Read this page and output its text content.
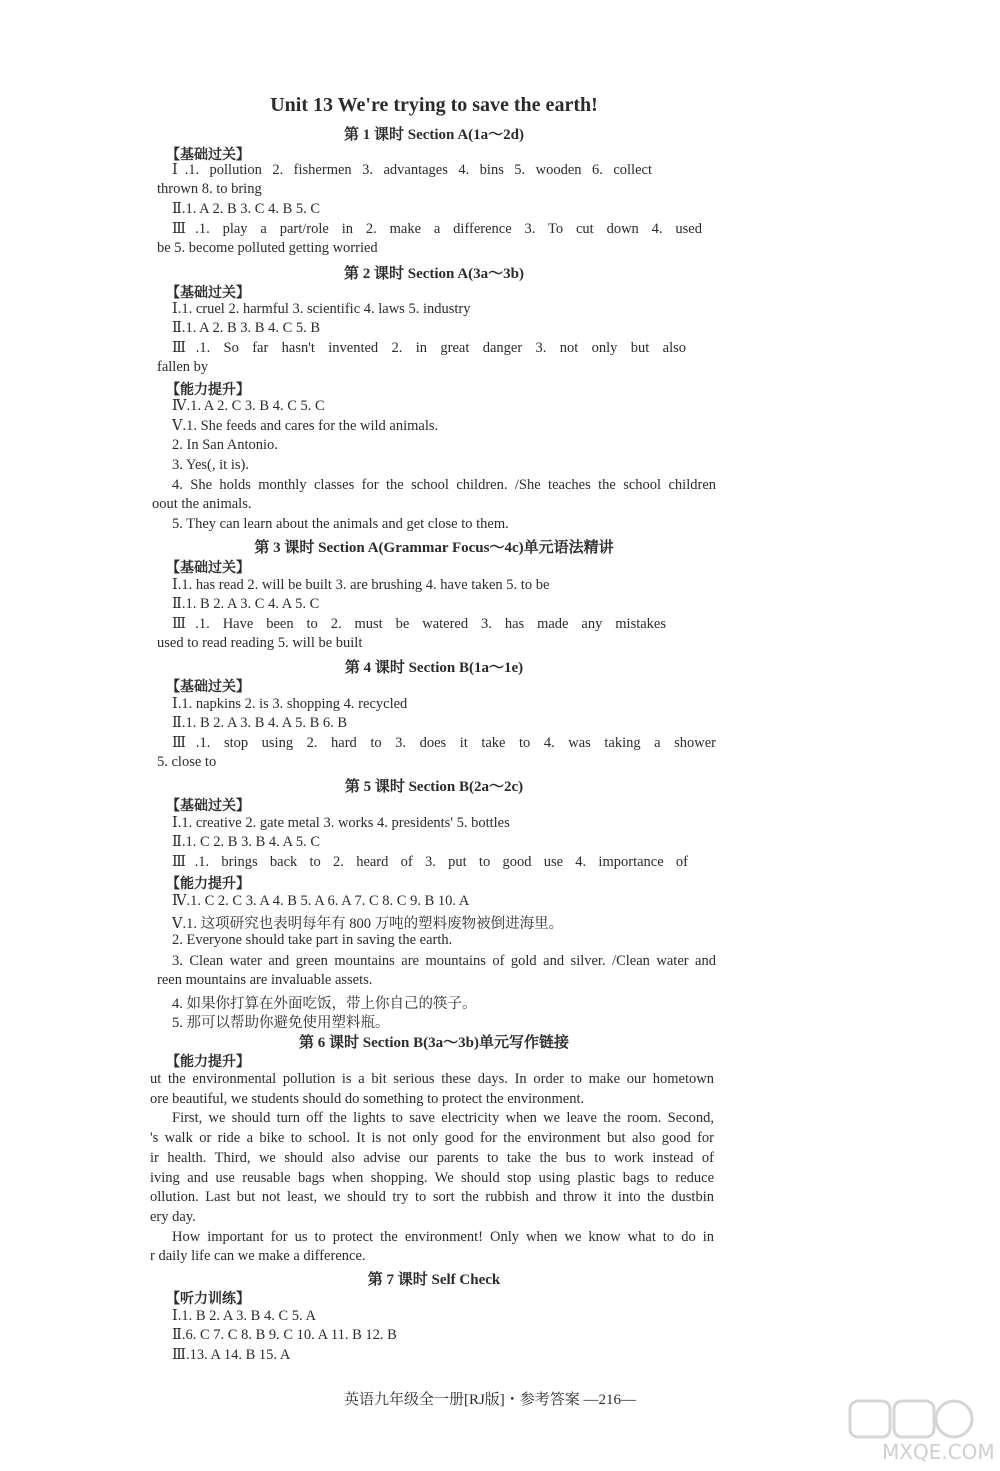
Unit 13 We're trying to save the earth!
第 1 课时 Section A(1a～2d)
【基础过关】
Ⅰ.1. pollution 2. fishermen 3. advantages 4. bins 5. wooden 6. collect
thrown 8. to bring
Ⅱ.1. A 2. B 3. C 4. B 5. C
Ⅲ.1. play a part/role in 2. make a difference 3. To cut down 4. used
be 5. become polluted getting worried
第 2 课时 Section A(3a～3b)
【基础过关】
Ⅰ.1. cruel 2. harmful 3. scientific 4. laws 5. industry
Ⅱ.1. A 2. B 3. B 4. C 5. B
Ⅲ.1. So far hasn't invented 2. in great danger 3. not only but also
fallen by
【能力提升】
Ⅳ.1. A 2. C 3. B 4. C 5. C
Ⅴ.1. She feeds and cares for the wild animals.
2. In San Antonio.
3. Yes(, it is).
4. She holds monthly classes for the school children. /She teaches the school children
oout the animals.
5. They can learn about the animals and get close to them.
第 3 课时 Section A(Grammar Focus～4c)单元语法精讲
【基础过关】
Ⅰ.1. has read 2. will be built 3. are brushing 4. have taken 5. to be
Ⅱ.1. B 2. A 3. C 4. A 5. C
Ⅲ.1. Have been to 2. must be watered 3. has made any mistakes
used to read reading 5. will be built
第 4 课时 Section B(1a～1e)
【基础过关】
Ⅰ.1. napkins 2. is 3. shopping 4. recycled
Ⅱ.1. B 2. A 3. B 4. A 5. B 6. B
Ⅲ.1. stop using 2. hard to 3. does it take to 4. was taking a shower
5. close to
第 5 课时 Section B(2a～2c)
【基础过关】
Ⅰ.1. creative 2. gate metal 3. works 4. presidents' 5. bottles
Ⅱ.1. C 2. B 3. B 4. A 5. C
Ⅲ.1. brings back to 2. heard of 3. put to good use 4. importance of
【能力提升】
Ⅳ.1. C 2. C 3. A 4. B 5. A 6. A 7. C 8. C 9. B 10. A
Ⅴ.1. 这项研究也表明每年有 800 万吨的塑料废物被倒进海里。
2. Everyone should take part in saving the earth.
3. Clean water and green mountains are mountains of gold and silver. /Clean water and
reen mountains are invaluable assets.
4. 如果你打算在外面吃饭，带上你自己的筷子。
5. 那可以帮助你避免使用塑料瓶。
第 6 课时 Section B(3a～3b)单元写作链接
【能力提升】
ut the environmental pollution is a bit serious these days. In order to make our hometown
ore beautiful, we students should do something to protect the environment.
First, we should turn off the lights to save electricity when we leave the room. Second,
's walk or ride a bike to school. It is not only good for the environment but also good for
ir health. Third, we should also advise our parents to take the bus to work instead of
iving and use reusable bags when shopping. We should stop using plastic bags to reduce
ollution. Last but not least, we should try to sort the rubbish and throw it into the dustbin
ery day.
How important for us to protect the environment! Only when we know what to do in
r daily life can we make a difference.
第 7 课时 Self Check
【听力训练】
Ⅰ.1. B 2. A 3. B 4. C 5. A
Ⅱ.6. C 7. C 8. B 9. C 10. A 11. B 12. B
Ⅲ.13. A 14. B 15. A
英语九年级全一册[RJ版]・参考答案 —216—
MXQE.COM
